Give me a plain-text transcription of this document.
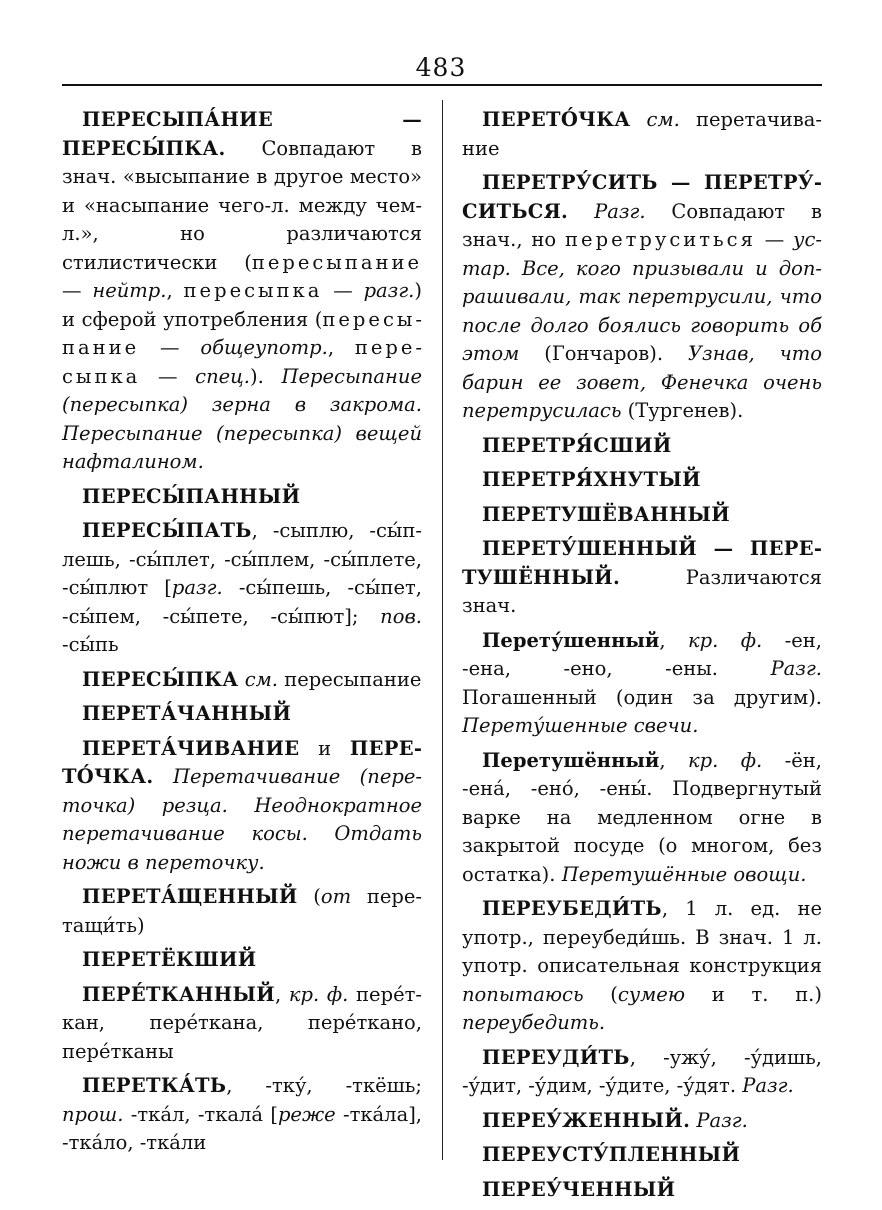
483

ПЕРЕСЫПА́НИЕ — ПЕРЕСЫ́ПКА. Совпадают в знач. «высыпание в другое место» и «насыпание чего-л. между чем-л.», но различаются стилистически (пересыпание — нейтр., пересыпка — разг.) и сферой употребления (пересыпание — общеупотр., пересыпка — спец.). Пересыпание (пересыпка) зерна в закрома. Пересыпание (пересыпка) вещей нафталином.

ПЕРЕСЫ́ПАННЫЙ

ПЕРЕСЫ́ПАТЬ, -сыплю, -сы́плешь, -сы́плет, -сы́плем, -сы́плете, -сы́плют [разг. -сы́пешь, -сы́пет, -сы́пем, -сы́пете, -сы́пют]; пов. -сы́пь

ПЕРЕСЫ́ПКА см. пересыпание

ПЕРЕТА́ЧАННЫЙ

ПЕРЕТА́ЧИВАНИЕ и ПЕРЕТО́ЧКА. Перетачивание (переточка) резца. Неоднократное перетачивание косы. Отдать ножи в переточку.

ПЕРЕТА́ЩЕННЫЙ (от перетащи́ть)

ПЕРЕТЁКШИЙ

ПЕРЕ́ТКАННЫЙ, кр. ф. пере́ткан, пере́ткана, пере́ткано, пере́тканы

ПЕРЕТКА́ТЬ, -тку́, -ткёшь; прош. -тка́л, -ткала́ [реже -тка́ла], -тка́ло, -тка́ли

ПЕРЕТО́ЧКА см. перетачивание

ПЕРЕТРУ́СИТЬ — ПЕРЕТРУ́СИТЬСЯ. Разг. Совпадают в знач., но перетруситься — устар. Все, кого призывали и допрашивали, так перетрусили, что после долго боялись говорить об этом (Гончаров). Узнав, что барин ее зовет, Фенечка очень перетрусилась (Тургенев).

ПЕРЕТРЯ́СШИЙ

ПЕРЕТРЯ́ХНУТЫЙ

ПЕРЕТУШЁВАННЫЙ

ПЕРЕТУ́ШЕННЫЙ — ПЕРЕТУШЁННЫЙ. Различаются знач.

Перету́шенный, кр. ф. -ен, -ена, -ено, -ены. Разг. Погашенный (один за другим). Перету́шенные свечи.

Перетушённый, кр. ф. -ён, -ена́, -ено́, -ены́. Подвергнутый варке на медленном огне в закрытой посуде (о многом, без остатка). Перетушённые овощи.

ПЕРЕУБЕДИ́ТЬ, 1 л. ед. не употр., переубеди́шь. В знач. 1 л. употр. описательная конструкция попытаюсь (сумею и т. п.) переубедить.

ПЕРЕУДИ́ТЬ, -ужу́, -у́дишь, -у́дит, -у́дим, -у́дите, -у́дят. Разг.

ПЕРЕУ́ЖЕННЫЙ. Разг.

ПЕРЕУСТУ́ПЛЕННЫЙ

ПЕРЕУ́ЧЕННЫЙ
